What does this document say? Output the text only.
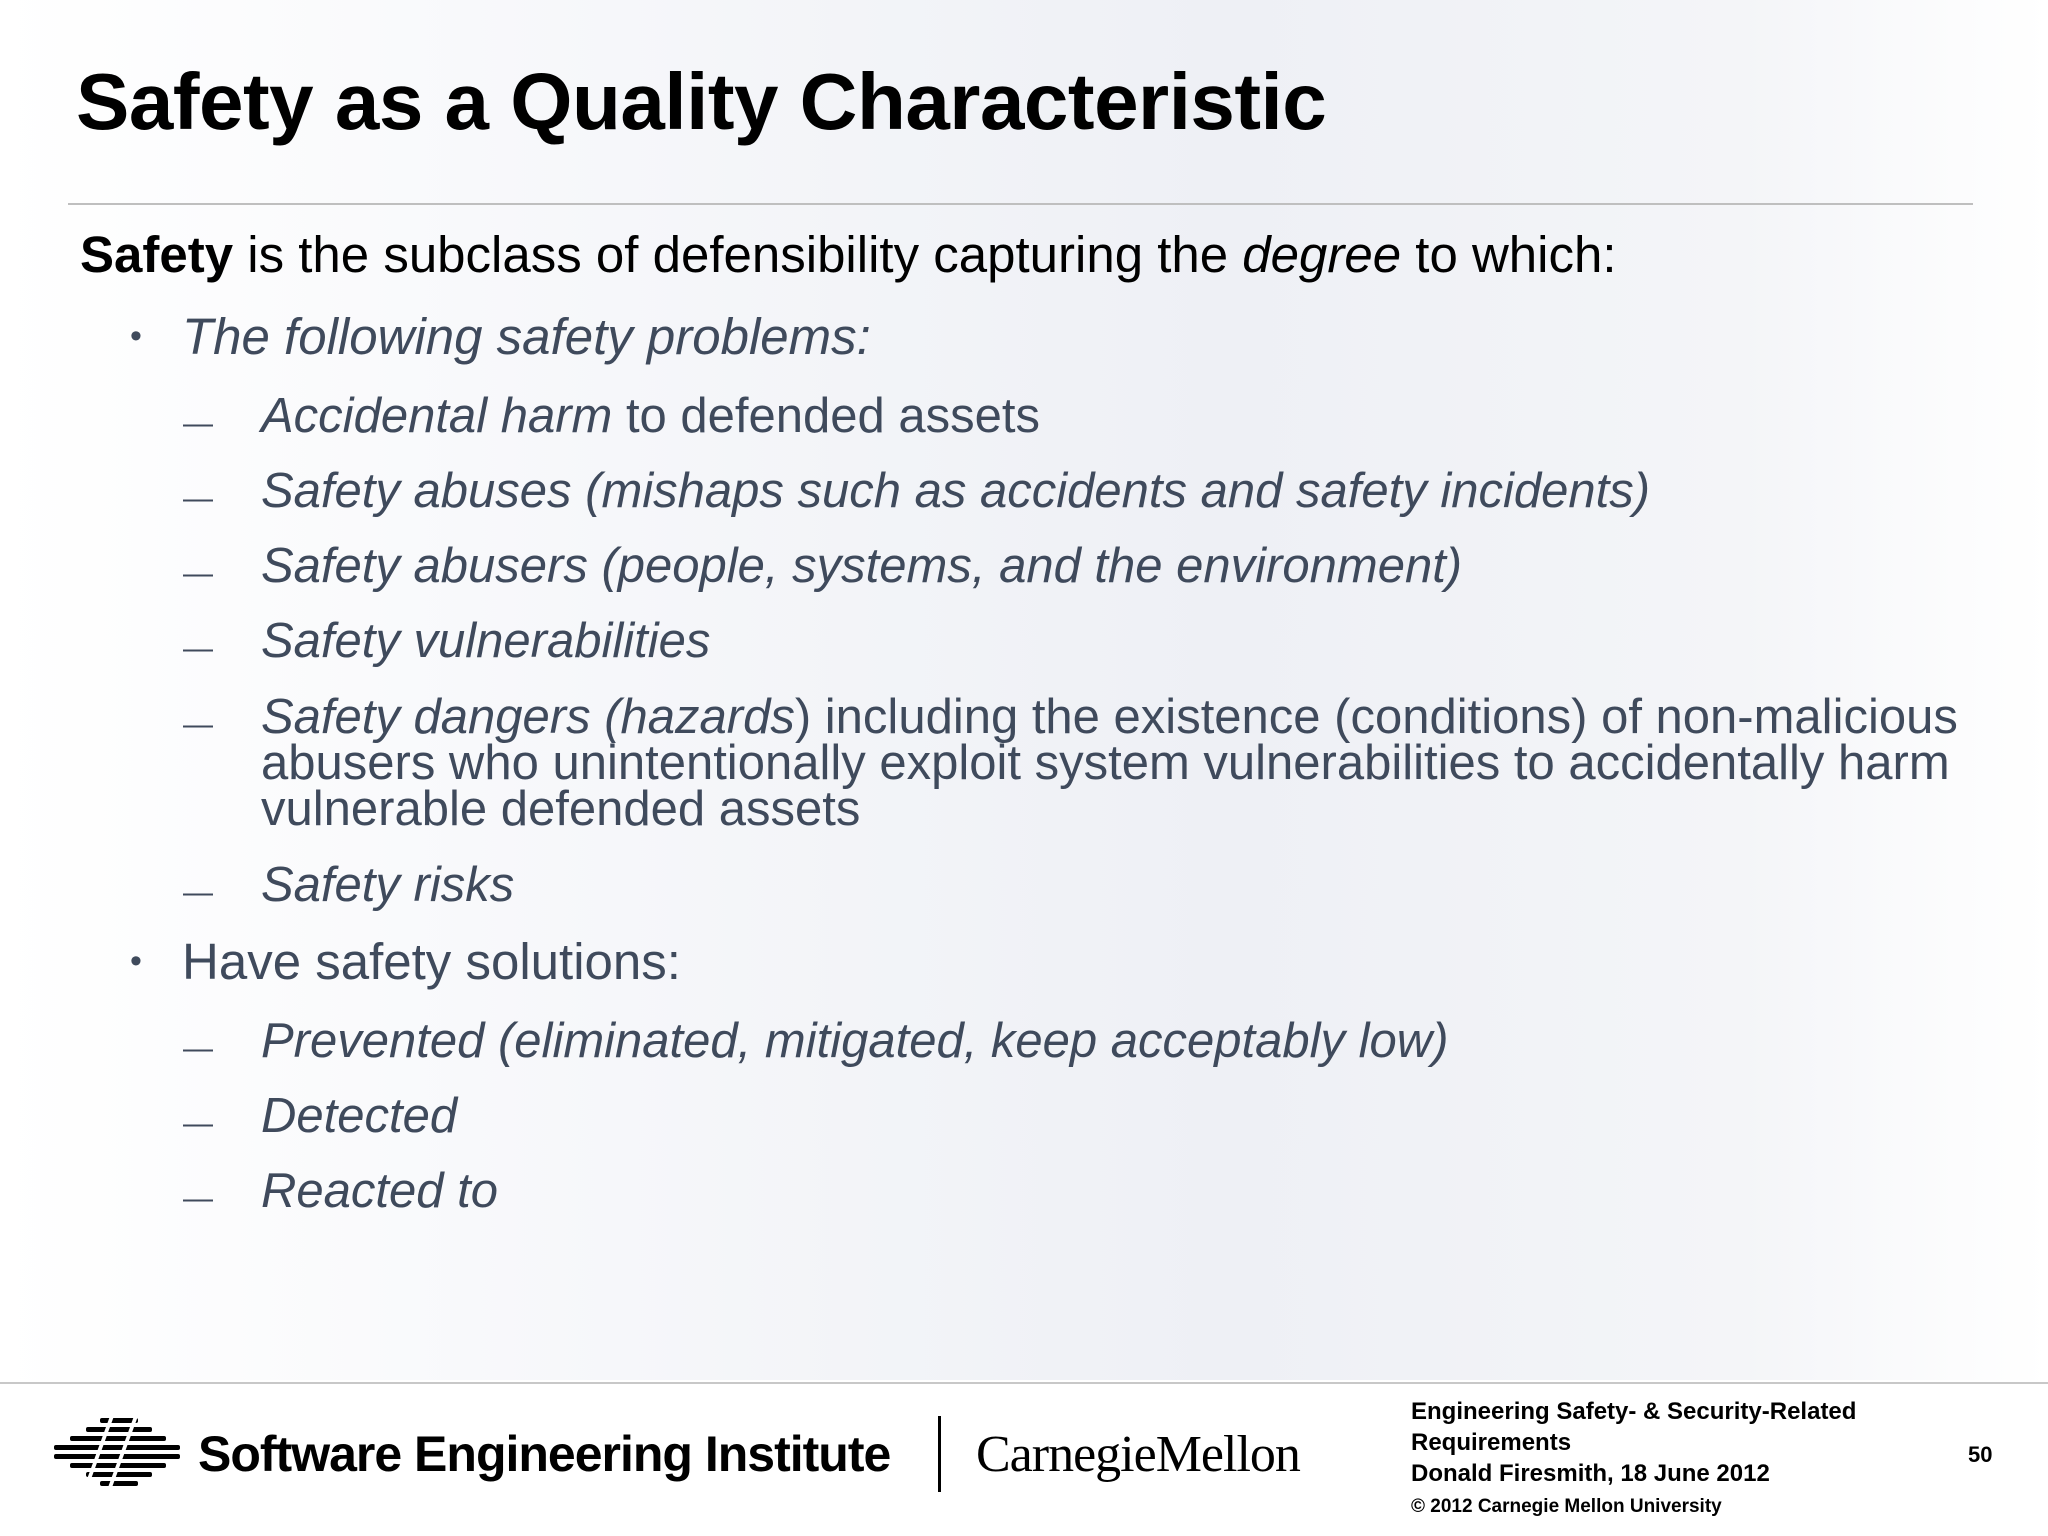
Safety as a Quality Characteristic
Safety is the subclass of defensibility capturing the degree to which:
• The following safety problems:
— Accidental harm to defended assets
— Safety abuses (mishaps such as accidents and safety incidents)
— Safety abusers (people, systems, and the environment)
— Safety vulnerabilities
— Safety dangers (hazards) including the existence (conditions) of non-malicious abusers who unintentionally exploit system vulnerabilities to accidentally harm vulnerable defended assets
— Safety risks
• Have safety solutions:
— Prevented (eliminated, mitigated, keep acceptably low)
— Detected
— Reacted to
Software Engineering Institute CarnegieMellon
Engineering Safety- & Security-Related
Requirements
Donald Firesmith, 18 June 2012
© 2012 Carnegie Mellon University
50
